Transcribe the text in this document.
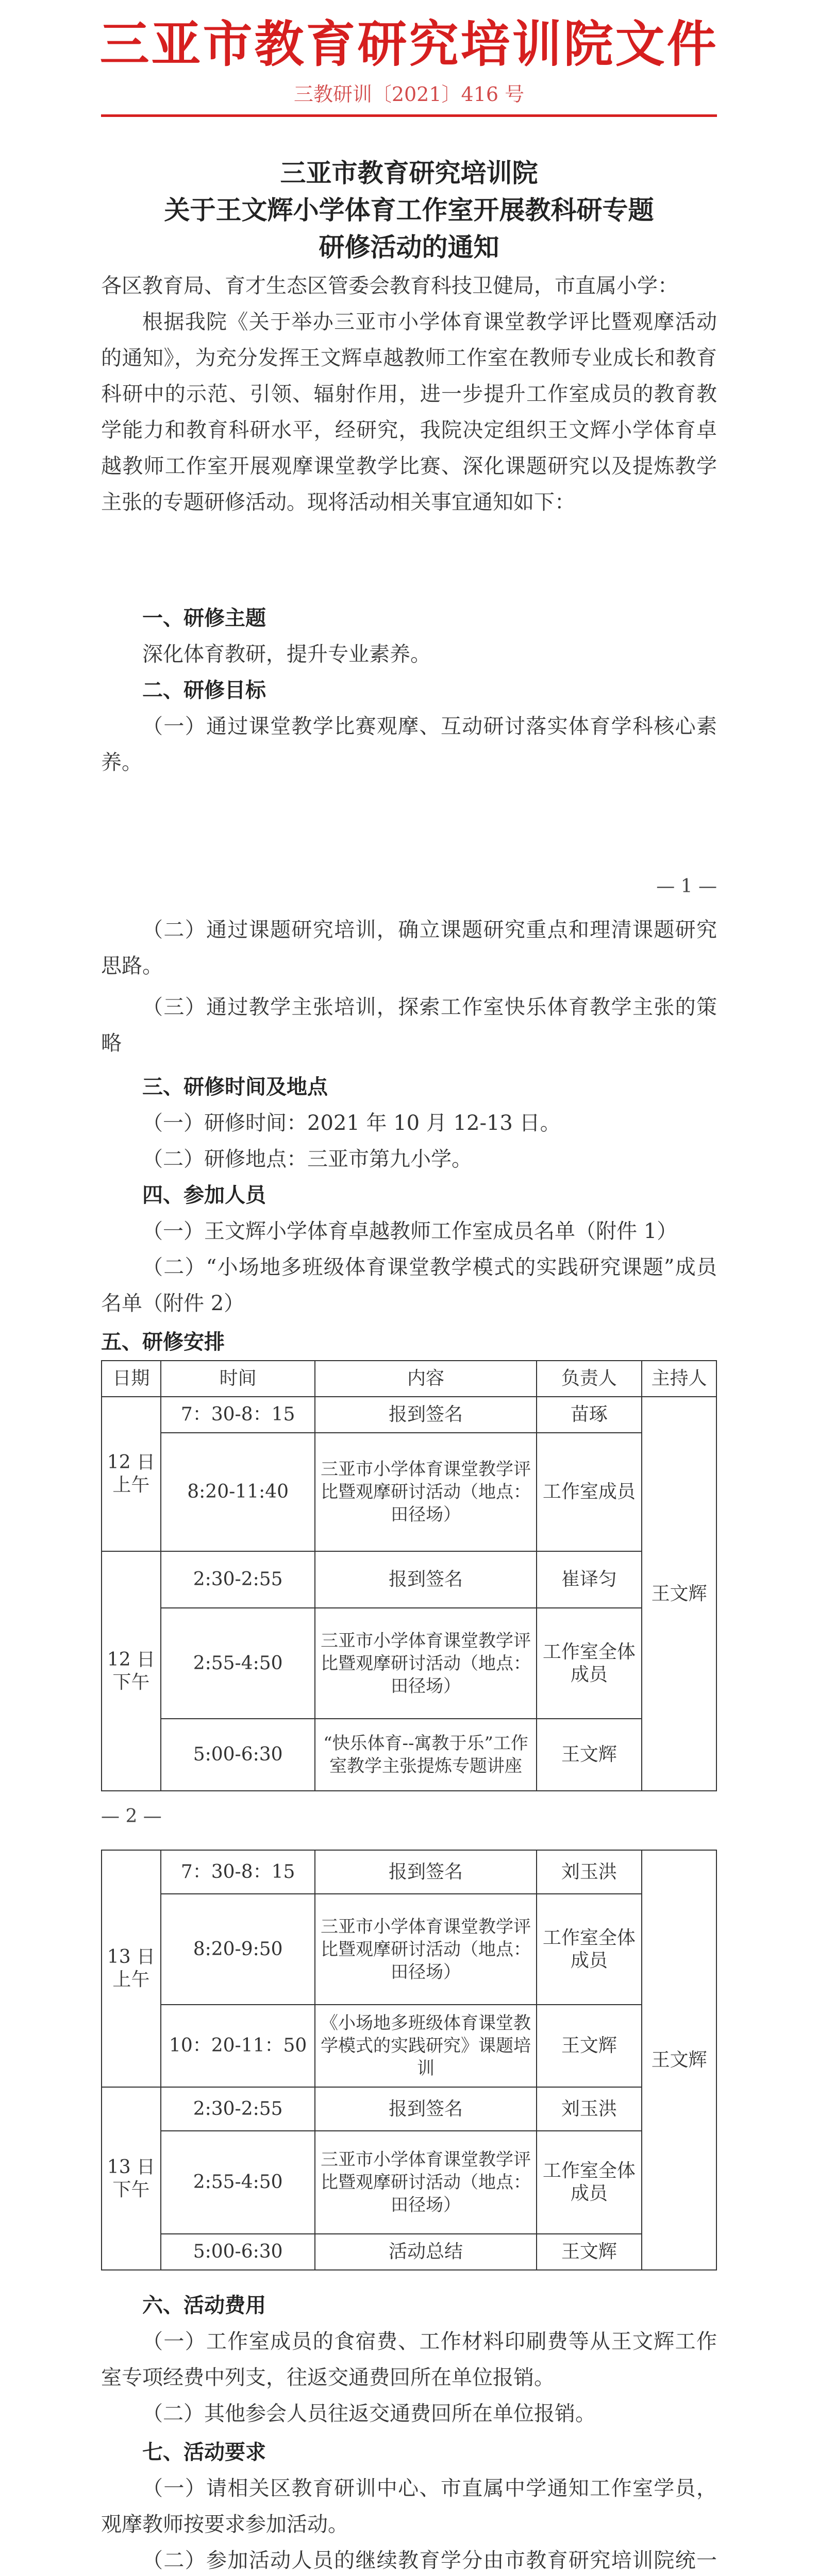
三亚市教育研究培训院文件
三教研训〔2021〕416 号
三亚市教育研究培训院
关于王文辉小学体育工作室开展教科研专题
研修活动的通知
各区教育局、育才生态区管委会教育科技卫健局，市直属小学：
根据我院《关于举办三亚市小学体育课堂教学评比暨观摩活动的通知》，为充分发挥王文辉卓越教师工作室在教师专业成长和教育科研中的示范、引领、辐射作用，进一步提升工作室成员的教育教学能力和教育科研水平，经研究，我院决定组织王文辉小学体育卓越教师工作室开展观摩课堂教学比赛、深化课题研究以及提炼教学主张的专题研修活动。现将活动相关事宜通知如下：
一、研修主题
深化体育教研，提升专业素养。
二、研修目标
（一）通过课堂教学比赛观摩、互动研讨落实体育学科核心素养。
— 1 —
（二）通过课题研究培训，确立课题研究重点和理清课题研究思路。
（三）通过教学主张培训，探索工作室快乐体育教学主张的策略
三、研修时间及地点
（一）研修时间：2021 年 10 月 12-13 日。
（二）研修地点：三亚市第九小学。
四、参加人员
（一）王文辉小学体育卓越教师工作室成员名单（附件 1）
（二）“小场地多班级体育课堂教学模式的实践研究课题”成员名单（附件 2）
五、研修安排
日期	时间	内容	负责人	主持人
12 日上午	7：30-8：15	报到签名	苗琢	王文辉
	8:20-11:40	三亚市小学体育课堂教学评比暨观摩研讨活动（地点：田径场）	工作室成员	
12 日下午	2:30-2:55	报到签名	崔译匀	
	2:55-4:50	三亚市小学体育课堂教学评比暨观摩研讨活动（地点：田径场）	工作室全体成员	
	5:00-6:30	“快乐体育--寓教于乐”工作室教学主张提炼专题讲座	王文辉	
— 2 —
13 日上午	7：30-8：15	报到签名	刘玉洪	王文辉
	8:20-9:50	三亚市小学体育课堂教学评比暨观摩研讨活动（地点：田径场）	工作室全体成员	
	10：20-11：50	《小场地多班级体育课堂教学模式的实践研究》课题培训	王文辉	
13 日下午	2:30-2:55	报到签名	刘玉洪	
	2:55-4:50	三亚市小学体育课堂教学评比暨观摩研讨活动（地点：田径场）	工作室全体成员	
	5:00-6:30	活动总结	王文辉	
六、活动费用
（一）工作室成员的食宿费、工作材料印刷费等从王文辉工作室专项经费中列支，往返交通费回所在单位报销。
（二）其他参会人员往返交通费回所在单位报销。
七、活动要求
（一）请相关区教育研训中心、市直属中学通知工作室学员，观摩教师按要求参加活动。
（二）参加活动人员的继续教育学分由市教育研究培训院统一
